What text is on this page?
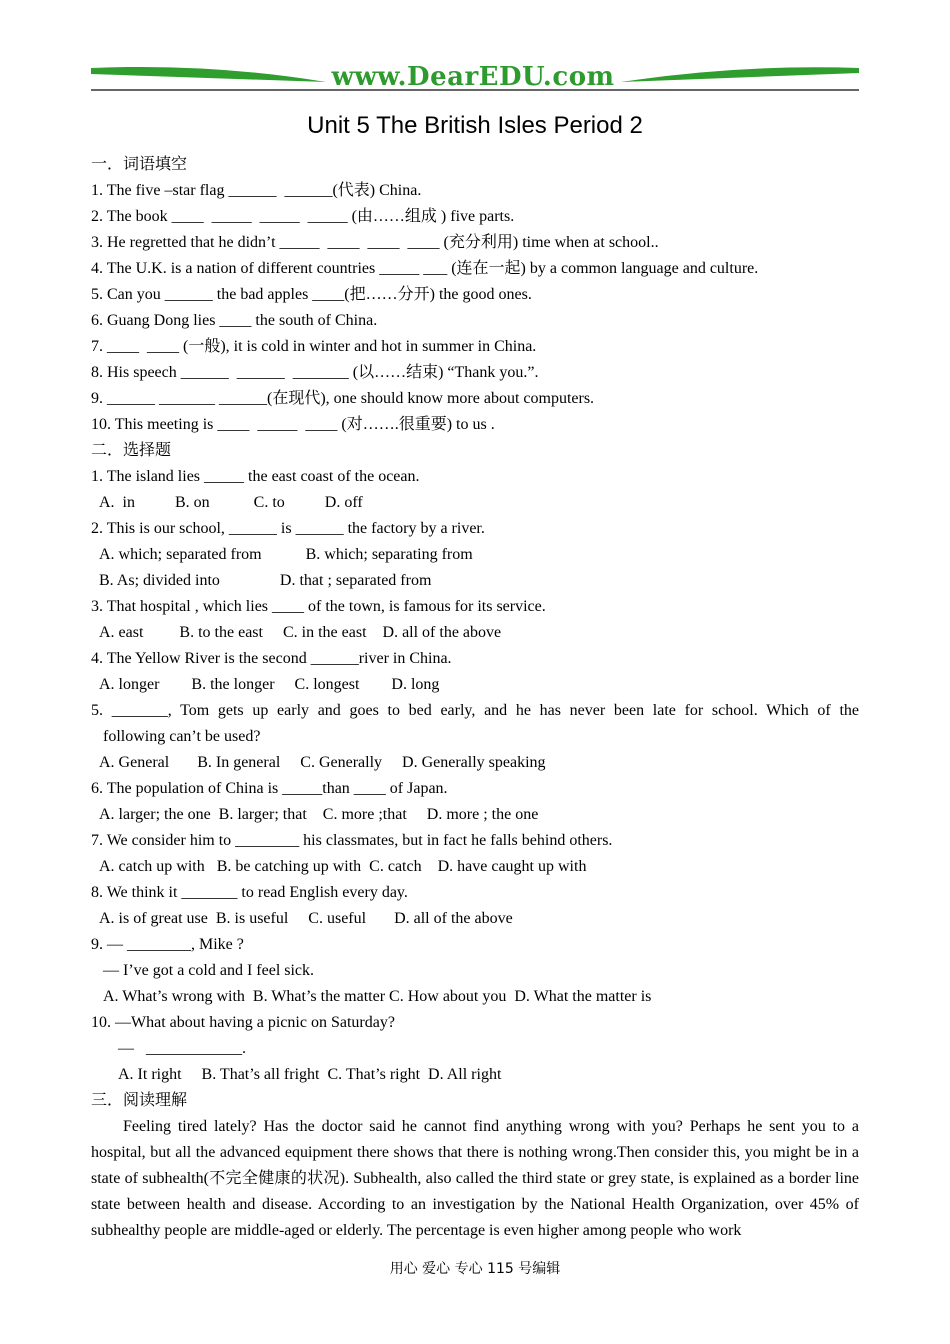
www.DearEDU.com
Unit 5 The British Isles Period 2
一．词语填空
1. The five –star flag ______  ______(代表) China.
2. The book ____  _____  _____  _____ (由……组成 ) five parts.
3. He regretted that he didn’t _____  ____  ____  ____ (充分利用) time when at school..
4. The U.K. is a nation of different countries _____ ___ (连在一起) by a common language and culture.
5. Can you ______ the bad apples ____(把……分开) the good ones.
6. Guang Dong lies ____ the south of China.
7. ____  ____ (一般), it is cold in winter and hot in summer in China.
8. His speech ______  ______  _______ (以……结束) “Thank you.”.
9. ______ _______ ______(在现代), one should know more about computers.
10. This meeting is ____  _____  ____ (对…….很重要) to us .
二．选择题
1. The island lies _____ the east coast of the ocean.
A.  in          B. on           C. to          D. off
2. This is our school, ______ is ______ the factory by a river.
A. which; separated from           B. which; separating from
B. As; divided into               D. that ; separated from
3. That hospital , which lies ____ of the town, is famous for its service.
A. east         B. to the east     C. in the east    D. all of the above
4. The Yellow River is the second ______river in China.
A. longer        B. the longer     C. longest        D. long
5. _______, Tom gets up early and goes to bed early, and he has never been late for school. Which of the
following can’t be used?
A. General       B. In general     C. Generally     D. Generally speaking
6. The population of China is _____than ____ of Japan.
A. larger; the one  B. larger; that    C. more ;that     D. more ; the one
7. We consider him to ________ his classmates, but in fact he falls behind others.
A. catch up with   B. be catching up with  C. catch    D. have caught up with
8. We think it _______ to read English every day.
A. is of great use  B. is useful     C. useful       D. all of the above
9. — ________, Mike ?
— I’ve got a cold and I feel sick.
A. What’s wrong with  B. What’s the matter C. How about you  D. What the matter is
10. —What about having a picnic on Saturday?
—   ____________.
A. It right     B. That’s all fright  C. That’s right  D. All right
三．阅读理解
Feeling tired lately? Has the doctor said he cannot find anything wrong with you? Perhaps he sent you to a hospital, but all the advanced equipment there shows that there is nothing wrong.Then consider this, you might be in a state of subhealth(不完全健康的状况). Subhealth, also called the third state or grey state, is explained as a border line state between health and disease. According to an investigation by the National Health Organization, over 45% of subhealthy people are middle-aged or elderly. The percentage is even higher among people who work
用心 爱心 专心 115 号编辑
